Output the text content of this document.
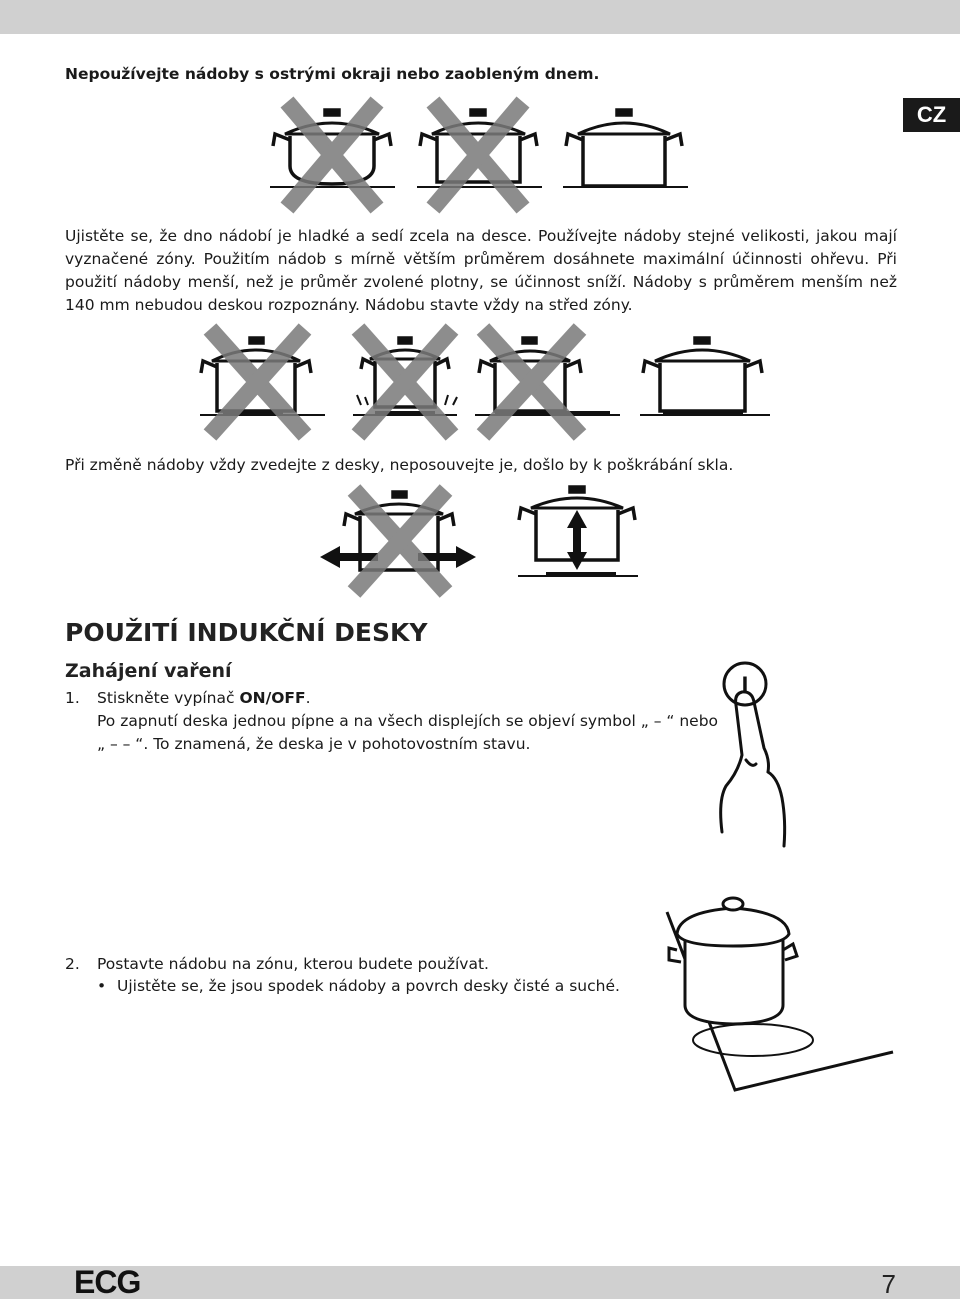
CZ

Nepoužívejte nádoby s ostrými okraji nebo zaobleným dnem.

Ujistěte se, že dno nádobí je hladké a sedí zcela na desce. Používejte nádoby stejné velikosti, jakou mají vyznačené zóny. Použitím nádob s mírně větším průměrem dosáhnete maximální účinnosti ohřevu. Při použití nádoby menší, než je průměr zvolené plotny, se účinnost sníží. Nádoby s průměrem menším než 140 mm nebudou deskou rozpoznány. Nádobu stavte vždy na střed zóny.

Při změně nádoby vždy zvedejte z desky, neposouvejte je, došlo by k poškrábání skla.

POUŽITÍ INDUKČNÍ DESKY
Zahájení vaření
1.	Stiskněte vypínač ON/OFF.
Po zapnutí deska jednou pípne a na všech displejích se objeví symbol „ – “ nebo „ – – “. To znamená, že deska je v pohotovostním stavu.
I
2.	Postavte nádobu na zónu, kterou budete používat.

• Ujistěte se, že jsou spodek nádoby a povrch desky čisté a suché.

ECG	7
